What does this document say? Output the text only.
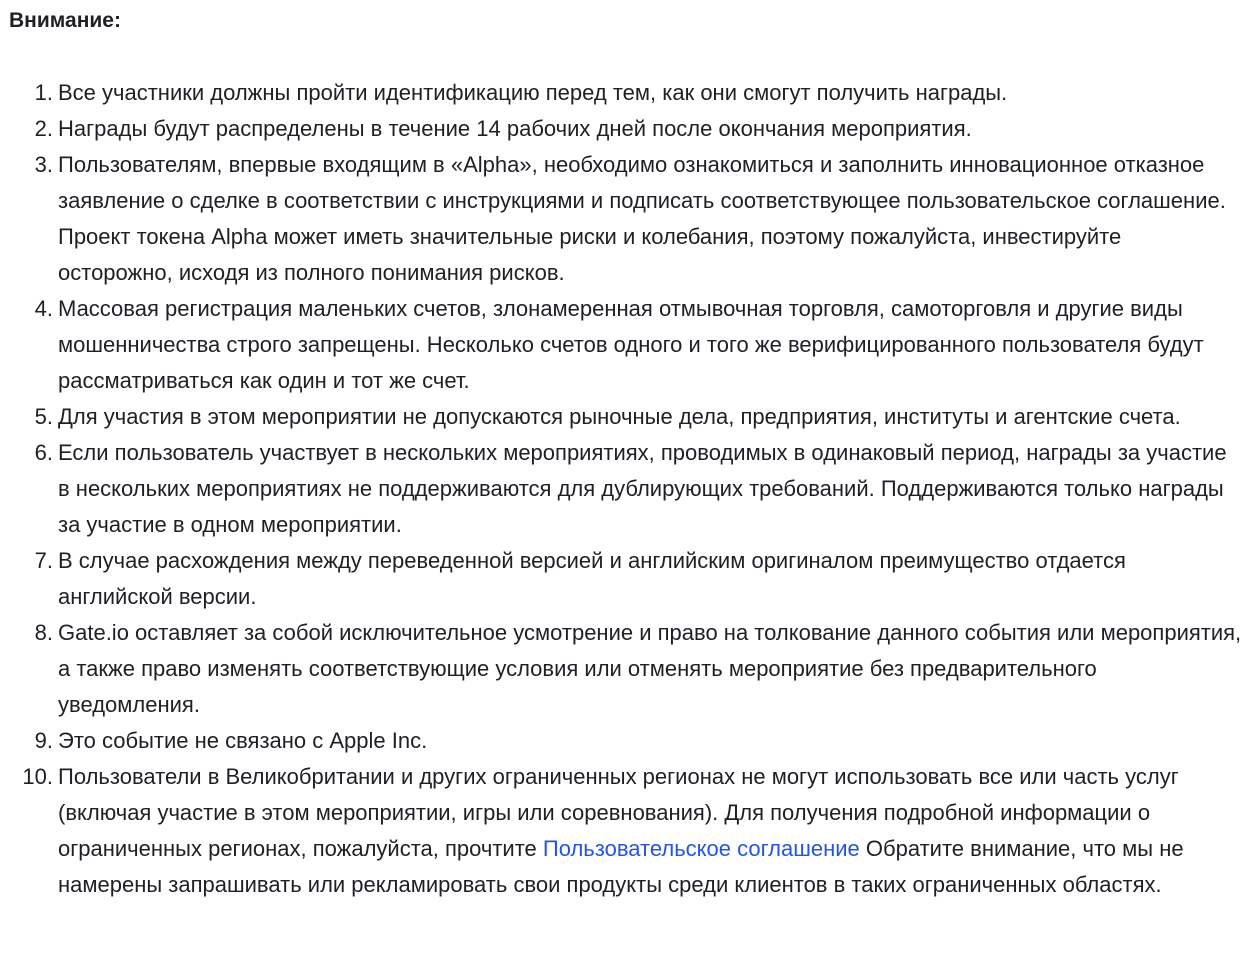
Внимание:
1. Все участники должны пройти идентификацию перед тем, как они смогут получить награды.
2. Награды будут распределены в течение 14 рабочих дней после окончания мероприятия.
3. Пользователям, впервые входящим в «Alpha», необходимо ознакомиться и заполнить инновационное отказное заявление о сделке в соответствии с инструкциями и подписать соответствующее пользовательское соглашение. Проект токена Alpha может иметь значительные риски и колебания, поэтому пожалуйста, инвестируйте осторожно, исходя из полного понимания рисков.
4. Массовая регистрация маленьких счетов, злонамеренная отмывочная торговля, самоторговля и другие виды мошенничества строго запрещены. Несколько счетов одного и того же верифицированного пользователя будут рассматриваться как один и тот же счет.
5. Для участия в этом мероприятии не допускаются рыночные дела, предприятия, институты и агентские счета.
6. Если пользователь участвует в нескольких мероприятиях, проводимых в одинаковый период, награды за участие в нескольких мероприятиях не поддерживаются для дублирующих требований. Поддерживаются только награды за участие в одном мероприятии.
7. В случае расхождения между переведенной версией и английским оригиналом преимущество отдается английской версии.
8. Gate.io оставляет за собой исключительное усмотрение и право на толкование данного события или мероприятия, а также право изменять соответствующие условия или отменять мероприятие без предварительного уведомления.
9. Это событие не связано с Apple Inc.
10. Пользователи в Великобритании и других ограниченных регионах не могут использовать все или часть услуг (включая участие в этом мероприятии, игры или соревнования). Для получения подробной информации о ограниченных регионах, пожалуйста, прочтите Пользовательское соглашение Обратите внимание, что мы не намерены запрашивать или рекламировать свои продукты среди клиентов в таких ограниченных областях.
